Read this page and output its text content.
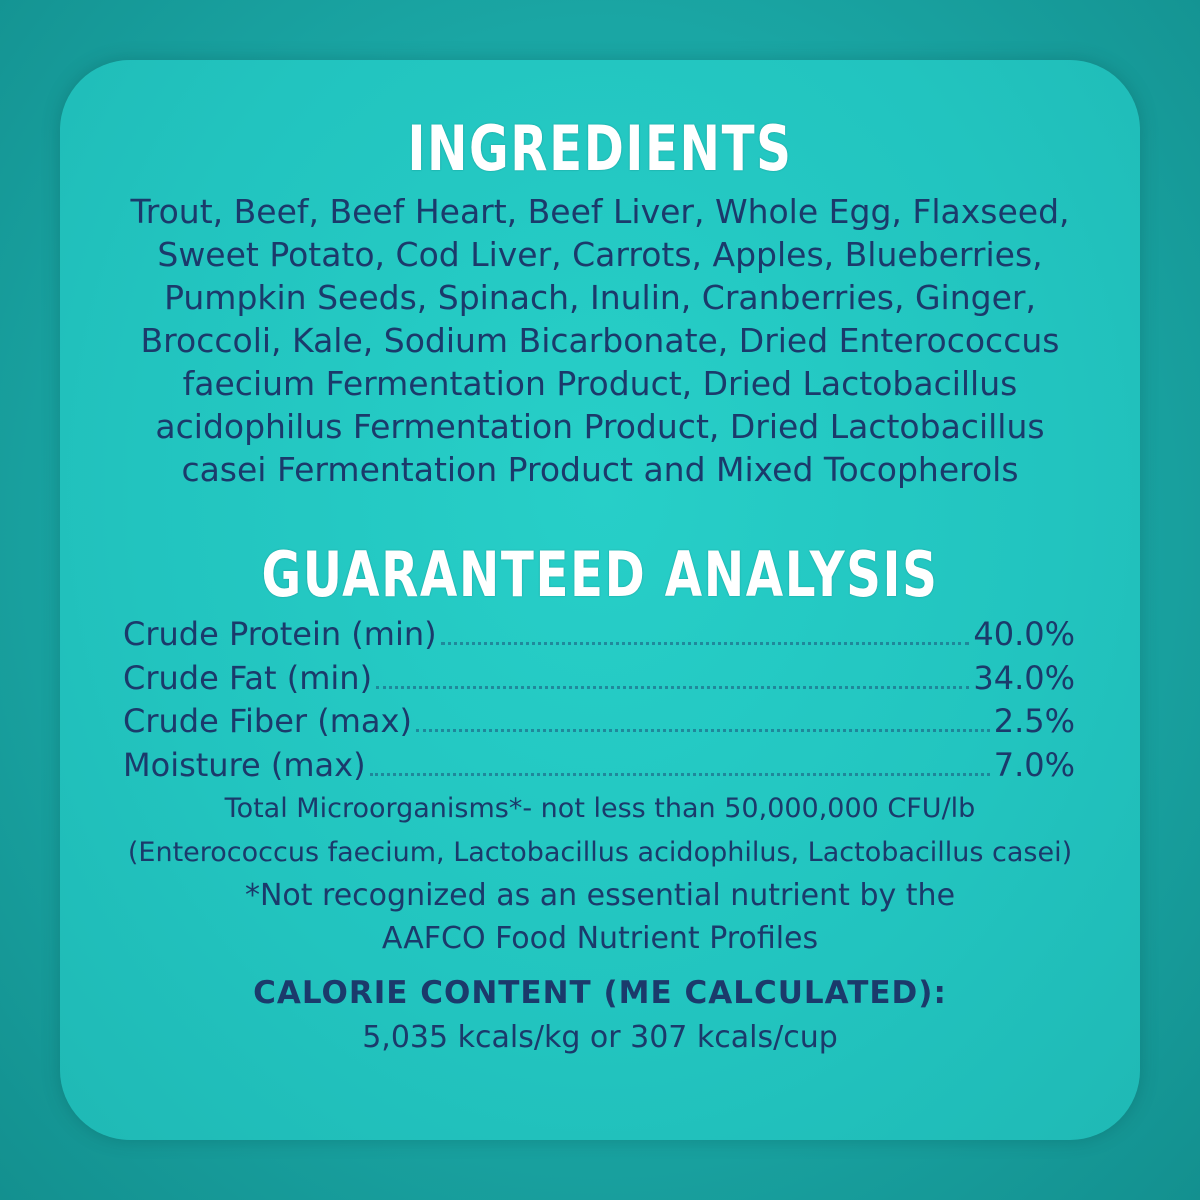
INGREDIENTS
Trout, Beef, Beef Heart, Beef Liver, Whole Egg, Flaxseed,
Sweet Potato, Cod Liver, Carrots, Apples, Blueberries,
Pumpkin Seeds, Spinach, Inulin, Cranberries, Ginger,
Broccoli, Kale, Sodium Bicarbonate, Dried Enterococcus
faecium Fermentation Product, Dried Lactobacillus
acidophilus Fermentation Product, Dried Lactobacillus
casei Fermentation Product and Mixed Tocopherols
GUARANTEED ANALYSIS
Crude Protein (min)	40.0%
Crude Fat (min)	34.0%
Crude Fiber (max)	2.5%
Moisture (max)	7.0%
Total Microorganisms*- not less than 50,000,000 CFU/lb
(Enterococcus faecium, Lactobacillus acidophilus, Lactobacillus casei)
*Not recognized as an essential nutrient by the
AAFCO Food Nutrient Profiles
CALORIE CONTENT (ME CALCULATED):
5,035 kcals/kg or 307 kcals/cup
